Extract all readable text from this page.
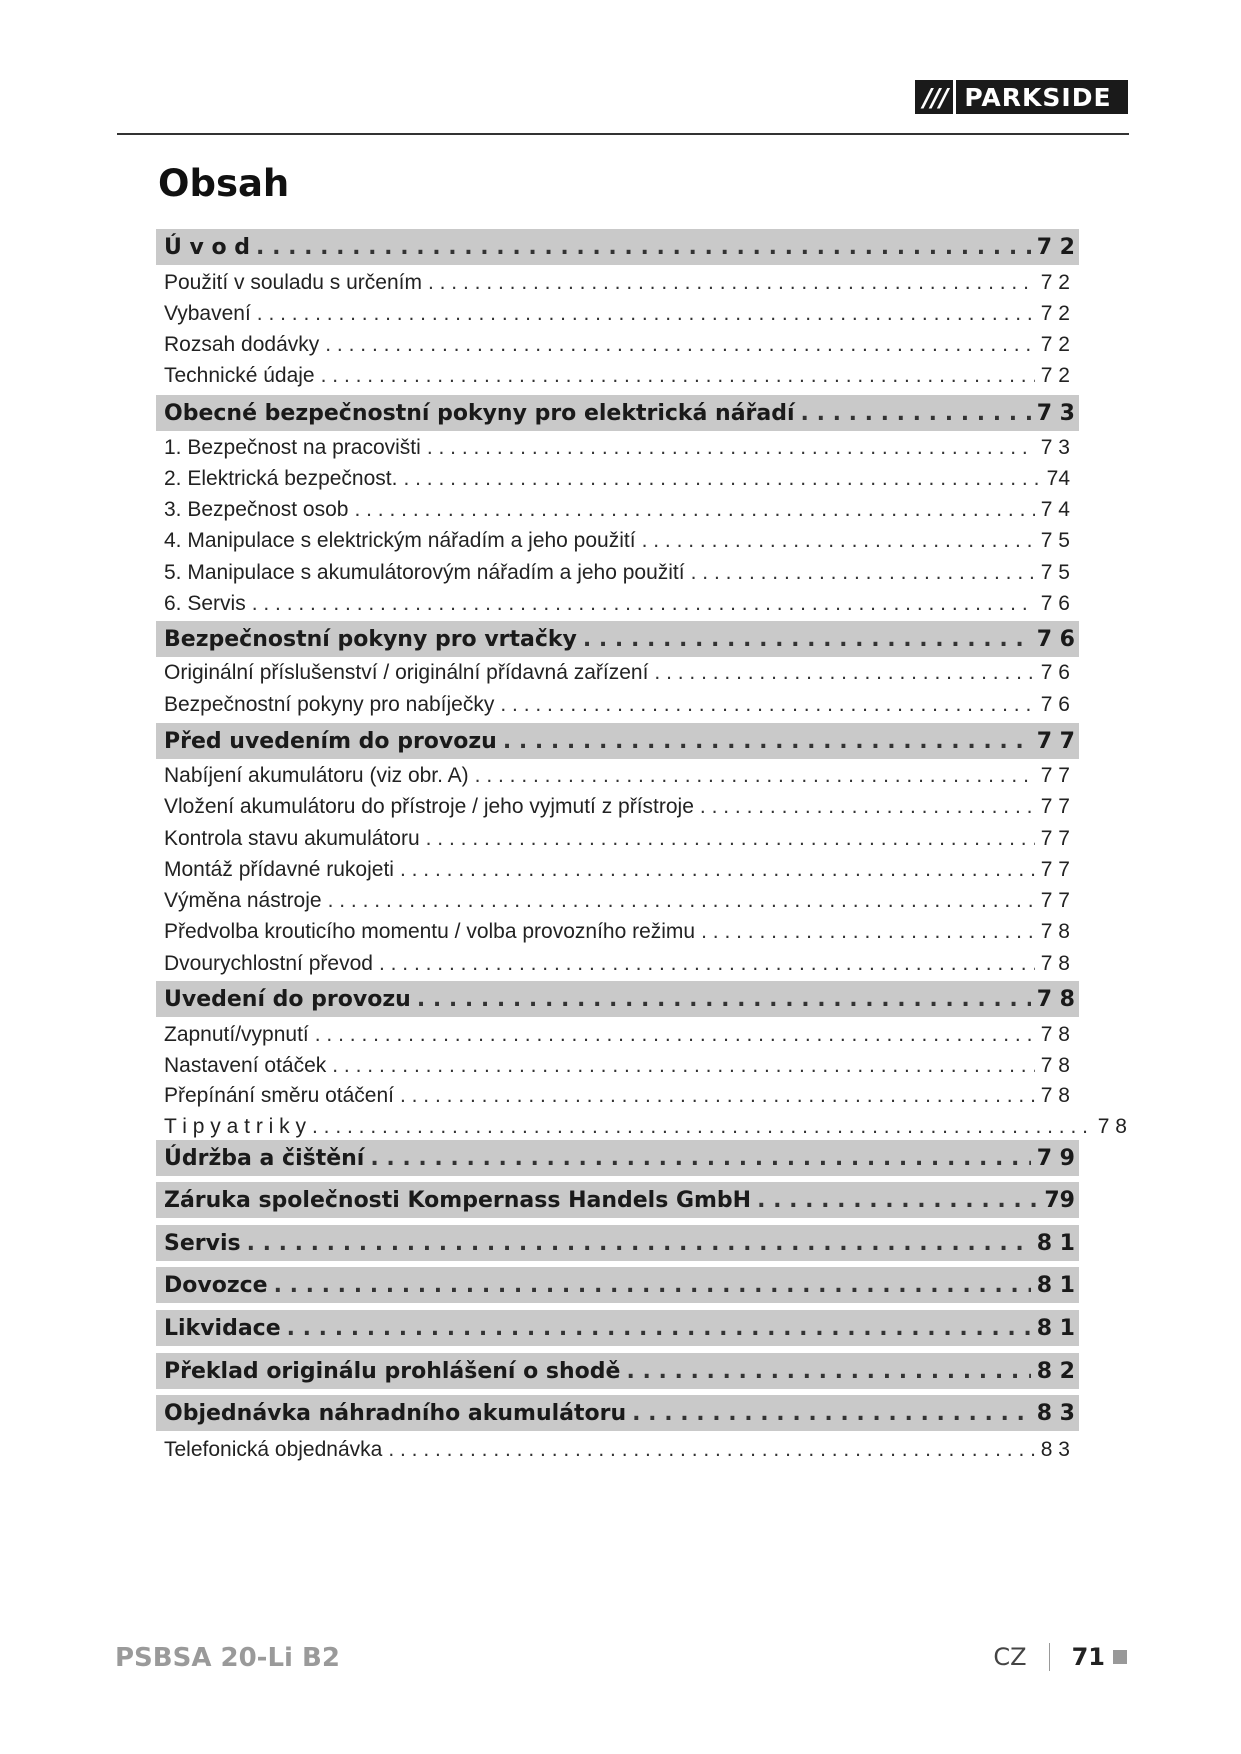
/// PARKSIDE
Obsah
Ú v o d . . .	7 2
Použití v souladu s určením . . .	7 2
Vybavení . . .	7 2
Rozsah dodávky . . .	7 2
Technické údaje . . .	7 2
Obecné bezpečnostní pokyny pro elektrická nářadí . . .	7 3
1. Bezpečnost na pracovišti . . .	7 3
2. Elektrická bezpečnost. . . .	74
3. Bezpečnost osob . . .	7 4
4. Manipulace s elektrickým nářadím a jeho použití . . .	7 5
5. Manipulace s akumulátorovým nářadím a jeho použití . . .	7 5
6. Servis . . .	7 6
Bezpečnostní pokyny pro vrtačky . . .	7 6
Originální příslušenství / originální přídavná zařízení . . .	7 6
Bezpečnostní pokyny pro nabíječky . . .	7 6
Před uvedením do provozu . . .	7 7
Nabíjení akumulátoru (viz obr. A) . . .	7 7
Vložení akumulátoru do přístroje / jeho vyjmutí z přístroje . . .	7 7
Kontrola stavu akumulátoru . . .	7 7
Montáž přídavné rukojeti . . .	7 7
Výměna nástroje . . .	7 7
Předvolba krouticího momentu / volba provozního režimu . . .	7 8
Dvourychlostní převod . . .	7 8
Uvedení do provozu . . .	7 8
Zapnutí/vypnutí . . .	7 8
Nastavení otáček . . .	7 8
Přepínání směru otáčení . . .	7 8
T i p y a t r i k y . . .	7 8
Údržba a čištění . . .	7 9
Záruka společnosti Kompernass Handels GmbH . . .	79
Servis . . .	8 1
Dovozce . . .	8 1
Likvidace . . .	8 1
Překlad originálu prohlášení o shodě . . .	8 2
Objednávka náhradního akumulátoru . . .	8 3
Telefonická objednávka . . .	8 3
PSBSA 20-Li B2	CZ 71
